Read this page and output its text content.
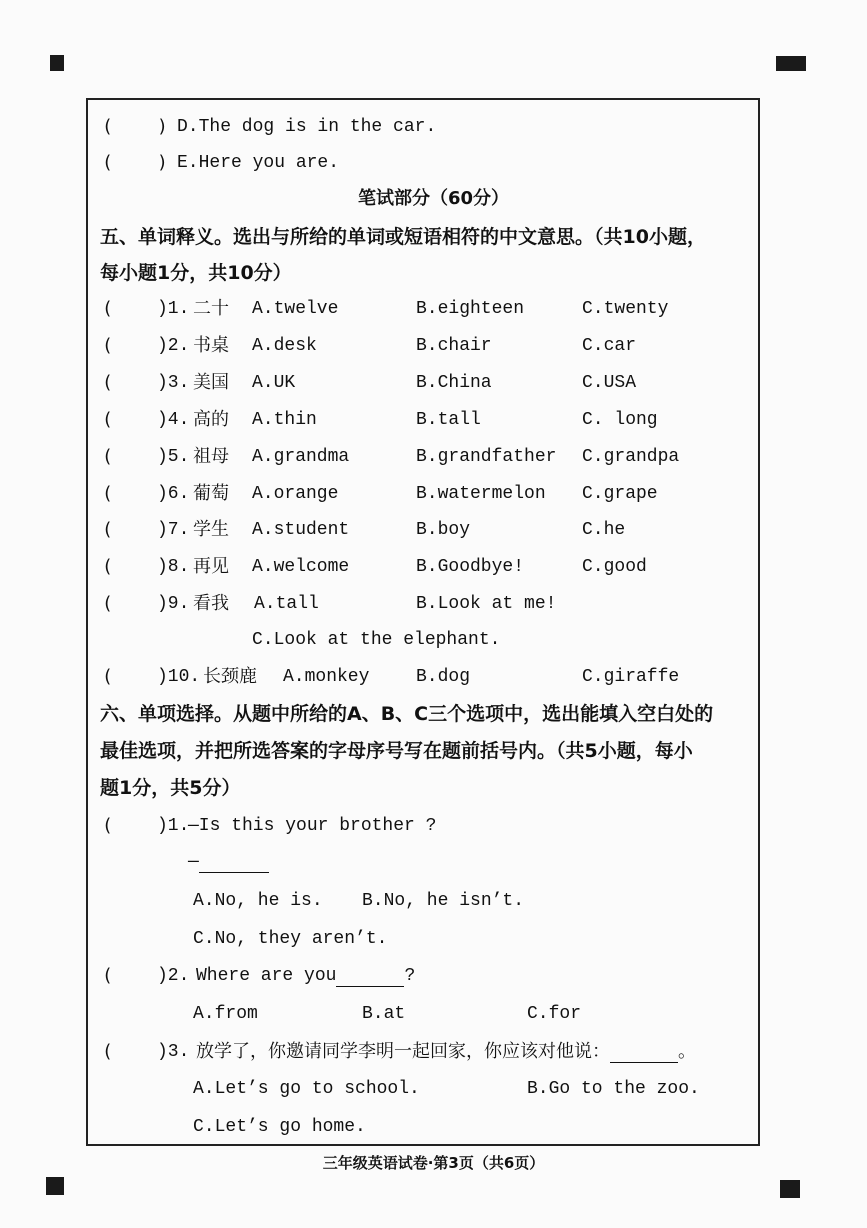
( ) D.The dog is in the car.
( ) E.Here you are.
笔试部分（60分）
五、单词释义。选出与所给的单词或短语相符的中文意思。（共10小题，
每小题1分，共10分）
( )1. 二十 A.twelve	B.eighteen	C.twenty
( )2. 书桌 A.desk	B.chair	C.car
( )3. 美国 A.UK	B.China	C.USA
( )4. 高的 A.thin	B.tall	C. long
( )5. 祖母 A.grandma	B.grandfather C.grandpa
( )6. 葡萄 A.orange	B.watermelon C.grape
( )7. 学生 A.student	B.boy	C.he
( )8. 再见 A.welcome	B.Goodbye!	C.good
( )9. 看我 A.tall	B.Look at me!
C.Look at the elephant.
( )10. 长颈鹿 A.monkey	B.dog	C.giraffe
六、单项选择。从题中所给的A、B、C三个选项中，选出能填入空白处的
最佳选项，并把所选答案的字母序号写在题前括号内。（共5小题，每小
题1分，共5分）
( )1.
—Is this your brother ?
—
A.No, he is. B.No, he isn’t.
C.No, they aren’t.
( )2. Where are you	?
A.from	B.at	C.for
( )3. 放学了，你邀请同学李明一起回家，你应该对他说：	。
A.Let’s go to school.	B.Go to the zoo.
C.Let’s go home.
三年级英语试卷·第3页（共6页）
